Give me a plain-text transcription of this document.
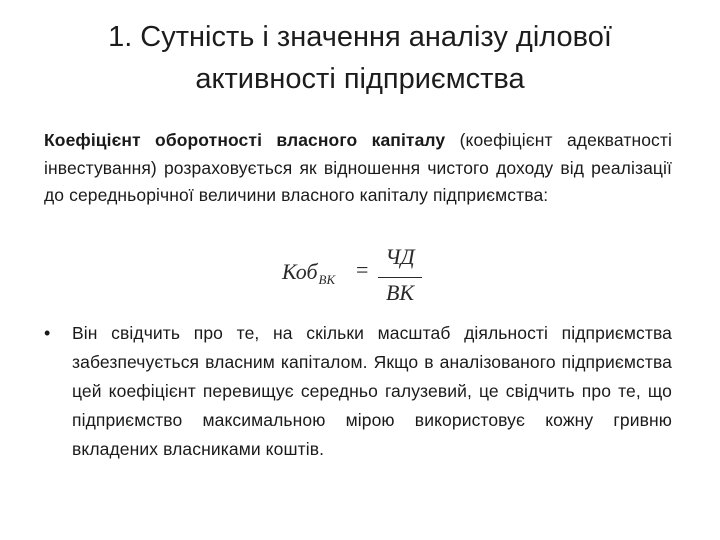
1. Сутність і значення аналізу ділової активності підприємства

Коефіцієнт оборотності власного капіталу (коефіцієнт адекватності інвестування) розраховується як відношення чистого доходу від реалізації до середньорічної величини власного капіталу підприємства:

Коб$_{ВК}$ =
ЧД
ВК
• Він свідчить про те, на скільки масштаб діяльності підприємства забезпечується власним капіталом. Якщо в аналізованого підприємства цей коефіцієнт перевищує середньо галузевий, це свідчить про те, що підприємство максимальною мірою використовує кожну гривню вкладених власниками коштів.
